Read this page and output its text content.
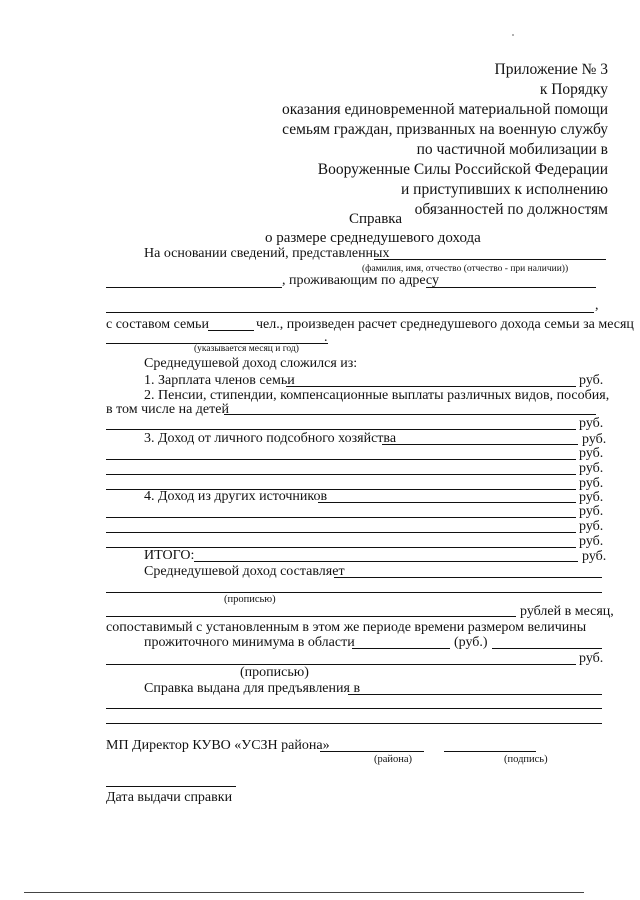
Приложение № 3
к Порядку
оказания единовременной материальной помощи
семьям граждан, призванных на военную службу
по частичной мобилизации в
Вооруженные Силы Российской Федерации
и приступивших к исполнению
обязанностей по должностям
Справка
о размере среднедушевого дохода
На основании сведений, представленных
(фамилия, имя, отчество (отчество - при наличии))
, проживающим по адресу
,
с составом семьи	чел., произведен расчет среднедушевого дохода семьи за месяц
.
(указывается месяц и год)
Среднедушевой доход сложился из:
1. Зарплата членов семьи	руб.
2. Пенсии, стипендии, компенсационные выплаты различных видов, пособия,
в том числе на детей
руб.
3. Доход от личного подсобного хозяйства	руб.
руб.
руб.
руб.
4. Доход из других источников	руб.
руб.
руб.
руб.
ИТОГО:	руб.
Среднедушевой доход составляет
(прописью)
рублей в месяц,
сопоставимый с установленным в этом же периоде времени размером величины
прожиточного минимума в области	(руб.)
руб.
(прописью)
Справка выдана для предъявления в
МП Директор КУВО «УСЗН района»
(района)	(подпись)
Дата выдачи справки
